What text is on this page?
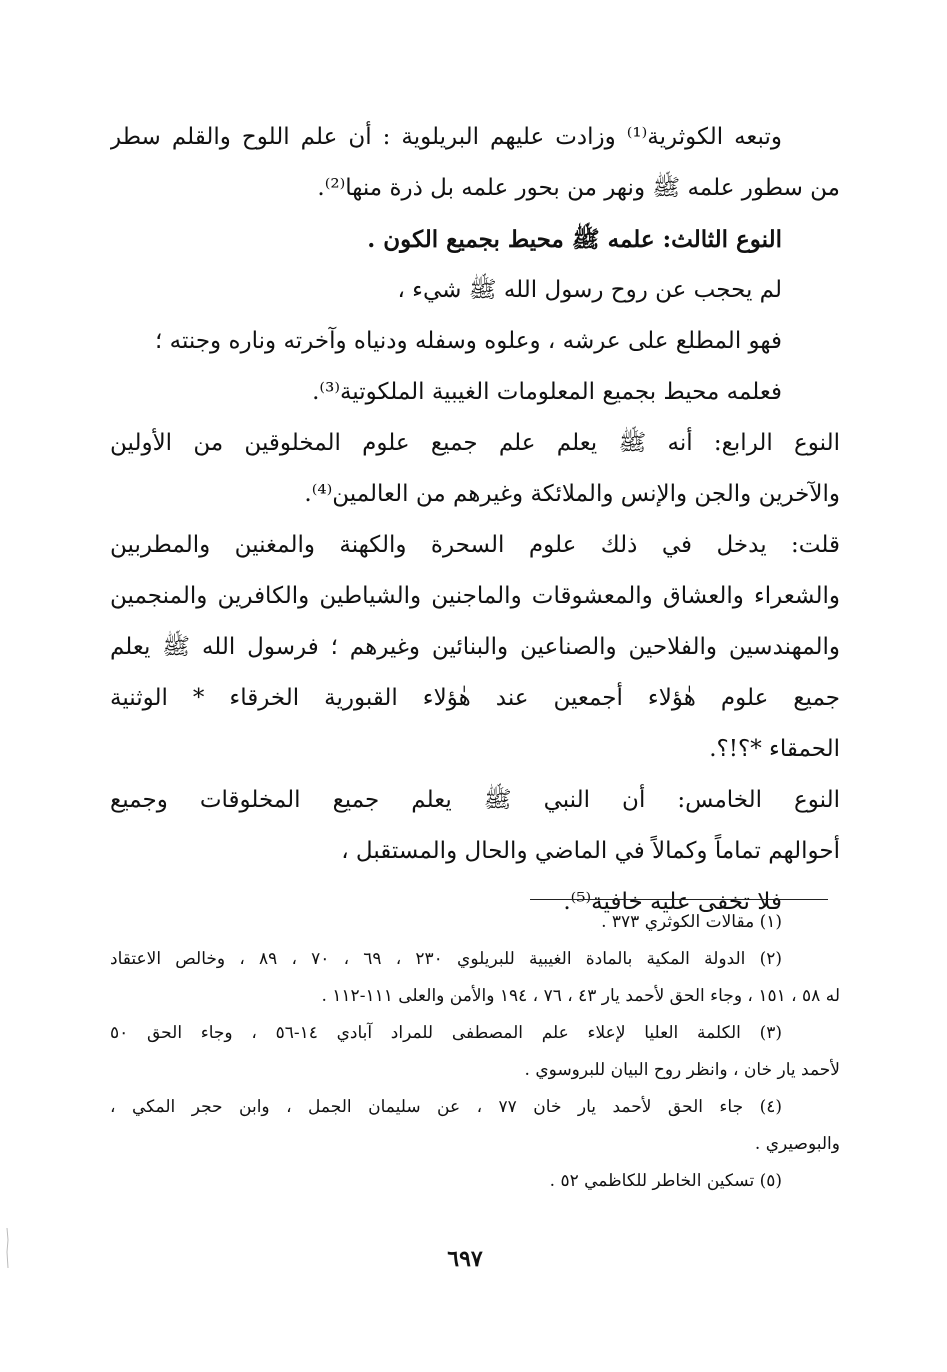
وتبعه الكوثرية⁽¹⁾ وزادت عليهم البريلوية : أن علم اللوح والقلم سطر
من سطور علمه ﷺ ونهر من بحور علمه بل ذرة منها⁽²⁾.
النوع الثالث: علمه ﷺ محيط بجميع الكون .
لم يحجب عن روح رسول الله ﷺ شيء ،
فهو المطلع على عرشه ، وعلوه وسفله ودنياه وآخرته وناره وجنته ؛
فعلمه محيط بجميع المعلومات الغيبية الملكوتية⁽³⁾.
النوع الرابع: أنه ﷺ يعلم علم جميع علوم المخلوقين من الأولين
والآخرين والجن والإنس والملائكة وغيرهم من العالمين⁽⁴⁾.
قلت: يدخل في ذلك علوم السحرة والكهنة والمغنين والمطربين
والشعراء والعشاق والمعشوقات والماجنين والشياطين والكافرين والمنجمين
والمهندسين والفلاحين والصناعين والبنائين وغيرهم ؛ فرسول الله ﷺ يعلم
جميع علوم هٰؤلاء أجمعين عند هٰؤلاء القبورية الخرقاء * الوثنية
الحمقاء *؟!؟.
النوع الخامس: أن النبي ﷺ يعلم جميع المخلوقات وجميع
أحوالهم تماماً وكمالاً في الماضي والحال والمستقبل ،
فلا تخفى عليه خافية⁽⁵⁾.
(١) مقالات الكوثري ٣٧٣ .
(٢) الدولة المكية بالمادة الغيبية للبريلوي ٢٣٠ ، ٦٩ ، ٧٠ ، ٨٩ ، وخالص الاعتقاد
له ٥٨ ، ١٥١ ، وجاء الحق لأحمد يار ٤٣ ، ٧٦ ، ١٩٤ والأمن والعلى ١١١-١١٢ .
(٣) الكلمة العليا لإعلاء علم المصطفى للمراد آبادي ١٤-٥٦ ، وجاء الحق ٥٠
لأحمد يار خان ، وانظر روح البيان للبروسوي .
(٤) جاء الحق لأحمد يار خان ٧٧ ، عن سليمان الجمل ، وابن حجر المكي ،
والبوصيري .
(٥) تسكين الخاطر للكاظمي ٥٢ .
٦٩٧
